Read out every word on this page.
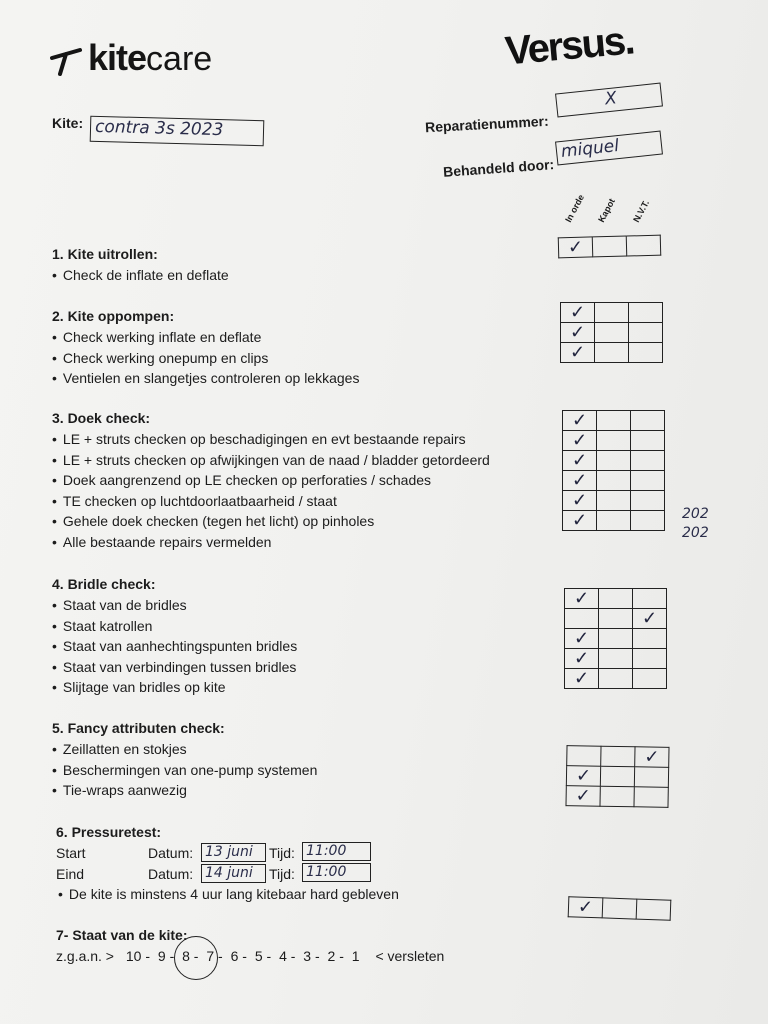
kite care	Versus.
Kite: contra 3s 2023	Reparatienummer:
X
Behandeld door:
miquel
In orde Kapot N.V.T.
1. Kite uitrollen:
• Check de inflate en deflate
✓		
2. Kite oppompen:
• Check werking inflate en deflate
• Check werking onepump en clips
• Ventielen en slangetjes controleren op lekkages
✓		
✓		
✓		
3. Doek check:
• LE + struts checken op beschadigingen en evt bestaande repairs
• LE + struts checken op afwijkingen van de naad / bladder getordeerd
• Doek aangrenzend op LE checken op perforaties / schades
• TE checken op luchtdoorlaatbaarheid / staat
• Gehele doek checken (tegen het licht) op pinholes
• Alle bestaande repairs vermelden
✓		
✓		
✓		
✓		
✓		
✓			202
202
4. Bridle check:
• Staat van de bridles
• Staat katrollen
• Staat van aanhechtingspunten bridles
• Staat van verbindingen tussen bridles
• Slijtage van bridles op kite
✓		
		✓
✓		
✓		
✓		
5. Fancy attributen check:
• Zeillatten en stokjes
• Beschermingen van one-pump systemen
• Tie-wraps aanwezig
		✓
✓		
✓		
6. Pressuretest:
Start	Datum:	Tijd:
13 juni	11:00
Eind	Datum:	Tijd:
14 juni	11:00
• De kite is minstens 4 uur lang kitebaar hard gebleven
✓		
7- Staat van de kite:
z.g.a.n. > 10 - 9 - 8 - 7 - 6 - 5 - 4 - 3 - 2 - 1 < versleten
